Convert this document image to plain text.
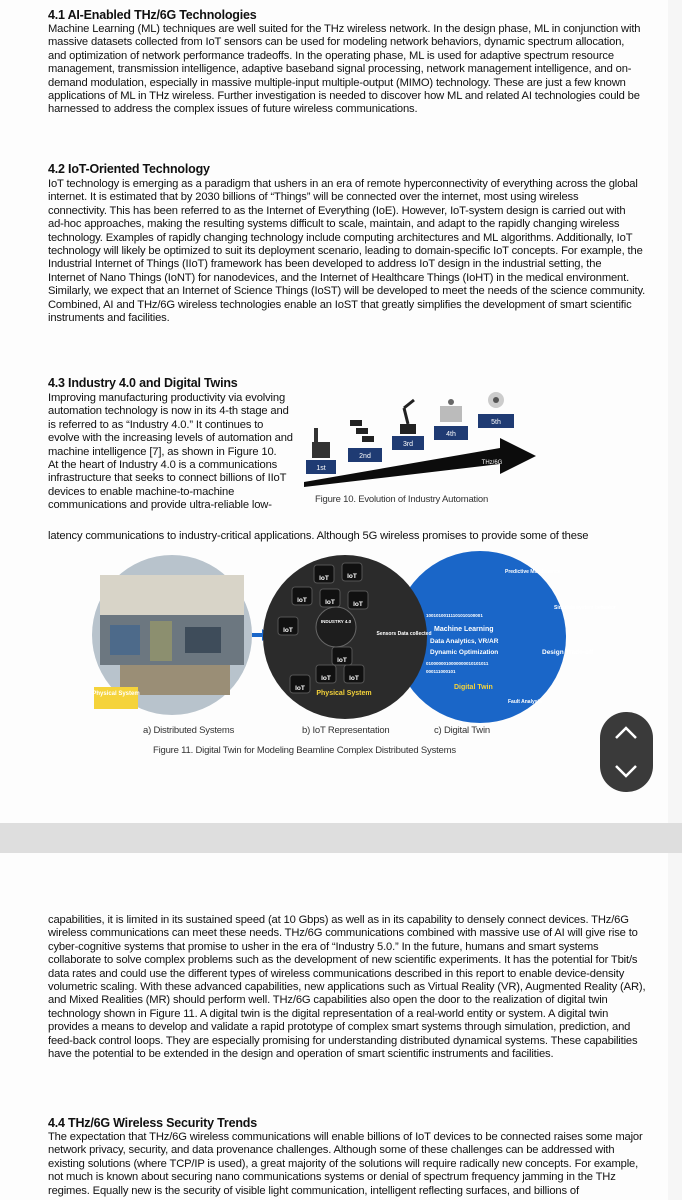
4.1 AI-Enabled THz/6G Technologies

Machine Learning (ML) techniques are well suited for the THz wireless network. In the design phase, ML in conjunction with
massive datasets collected from IoT sensors can be used for modeling network behaviors, dynamic spectrum allocation,
and optimization of network performance tradeoffs. In the operating phase, ML is used for adaptive spectrum resource
management, transmission intelligence, adaptive baseband signal processing, network management intelligence, and on-
demand modulation, especially in massive multiple-input multiple-output (MIMO) technology. These are just a few known
applications of ML in THz wireless. Further investigation is needed to discover how ML and related AI technologies could be
harnessed to address the complex issues of future wireless communications.

4.2 IoT-Oriented Technology

IoT technology is emerging as a paradigm that ushers in an era of remote hyperconnectivity of everything across the global
internet. It is estimated that by 2030 billions of “Things” will be connected over the internet, most using wireless
connectivity. This has been referred to as the Internet of Everything (IoE). However, IoT-system design is carried out with
ad-hoc approaches, making the resulting systems difficult to scale, maintain, and adapt to the rapidly changing wireless
technology. Examples of rapidly changing technology include computing architectures and ML algorithms. Additionally, IoT
technology will likely be optimized to suit its deployment scenario, leading to domain-specific IoT concepts. For example, the
Industrial Internet of Things (IIoT) framework has been developed to address IoT design in the industrial setting, the
Internet of Nano Things (IoNT) for nanodevices, and the Internet of Healthcare Things (IoHT) in the medical environment.
Similarly, we expect that an Internet of Science Things (IoST) will be developed to meet the needs of the science community.
Combined, AI and THz/6G wireless technologies enable an IoST that greatly simplifies the development of smart scientific
instruments and facilities.

4.3 Industry 4.0 and Digital Twins

Improving manufacturing productivity via evolving
automation technology is now in its 4-th stage and
is referred to as “Industry 4.0.” It continues to
evolve with the increasing levels of automation and
machine intelligence [7], as shown in Figure 10.
At the heart of Industry 4.0 is a communications
infrastructure that seeks to connect billions of IIoT
devices to enable machine-to-machine
communications and provide ultra-reliable low-

latency communications to industry-critical applications. Although 5G wireless promises to provide some of these

1st
2nd
3rd
4th
5th
THz/6G
Figure 10. Evolution of Industry Automation
Physical System
IoT	IoT
IoT	IoT	IoT
IoT
IoT
IoT	IoT
IoT
INDUSTRY 4.0
Physical System
Sensors Data collected
Predictive Maintenance
Simulate system behavior
10010100111101010100001
Machine Learning
Data Analytics, VR/AR
Dynamic Optimization	Design Trade-off
0100000010000000010101011
000111000101
Digital Twin
Fault Analysis
a) Distributed Systems	b) IoT Representation	c) Digital Twin
Figure 11. Digital Twin for Modeling Beamline Complex Distributed Systems

capabilities, it is limited in its sustained speed (at 10 Gbps) as well as in its capability to densely connect devices. THz/6G
wireless communications can meet these needs. THz/6G communications combined with massive use of AI will give rise to
cyber-cognitive systems that promise to usher in the era of “Industry 5.0.” In the future, humans and smart systems
collaborate to solve complex problems such as the development of new scientific experiments. It has the potential for Tbit/s
data rates and could use the different types of wireless communications described in this report to enable device-density
volumetric scaling. With these advanced capabilities, new applications such as Virtual Reality (VR), Augmented Reality (AR),
and Mixed Realities (MR) should perform well. THz/6G capabilities also open the door to the realization of digital twin
technology shown in Figure 11. A digital twin is the digital representation of a real-world entity or system. A digital twin
provides a means to develop and validate a rapid prototype of complex smart systems through simulation, prediction, and
feed-back control loops. They are especially promising for understanding distributed dynamical systems. These capabilities
have the potential to be extended in the design and operation of smart scientific instruments and facilities.

4.4 THz/6G Wireless Security Trends

The expectation that THz/6G wireless communications will enable billions of IoT devices to be connected raises some major
network privacy, security, and data provenance challenges. Although some of these challenges can be addressed with
existing solutions (where TCP/IP is used), a great majority of the solutions will require radically new concepts. For example,
not much is known about securing nano communications systems or denial of spectrum frequency jamming in the THz
regimes. Equally new is the security of visible light communication, intelligent reflecting surfaces, and billions of
